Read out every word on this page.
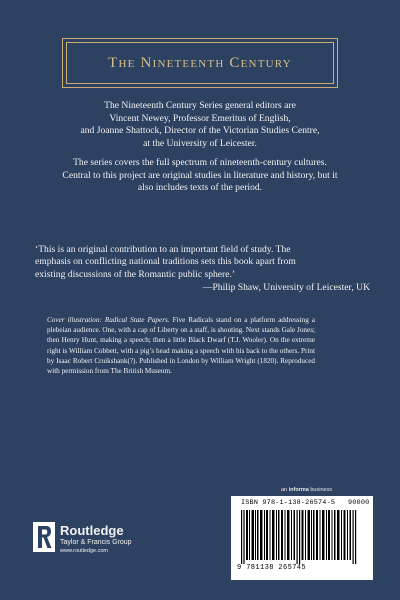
The Nineteenth Century
The Nineteenth Century Series general editors are
Vincent Newey, Professor Emeritus of English,
and Joanne Shattock, Director of the Victorian Studies Centre,
at the University of Leicester.
The series covers the full spectrum of nineteenth-century cultures.
Central to this project are original studies in literature and history, but it
also includes texts of the period.
‘This is an original contribution to an important field of study. The
emphasis on conflicting national traditions sets this book apart from
existing discussions of the Romantic public sphere.’
—Philip Shaw, University of Leicester, UK
Cover illustration: Radical State Papers. Five Radicals stand on a platform addressing a plebeian audience. One, with a cap of Liberty on a staff, is shouting. Next stands Gale Jones; then Henry Hunt, making a speech; then a little Black Dwarf (T.J. Wooler). On the extreme right is William Cobbett, with a pig’s head making a speech with his back to the others. Print by Isaac Robert Cruikshank(?). Published in London by William Wright (1820). Reproduced with permission from The British Museum.
an informa business
ISBN 978-1-138-26574-5 90000
9 781138 265745
Routledge
Taylor & Francis Group
www.routledge.com
